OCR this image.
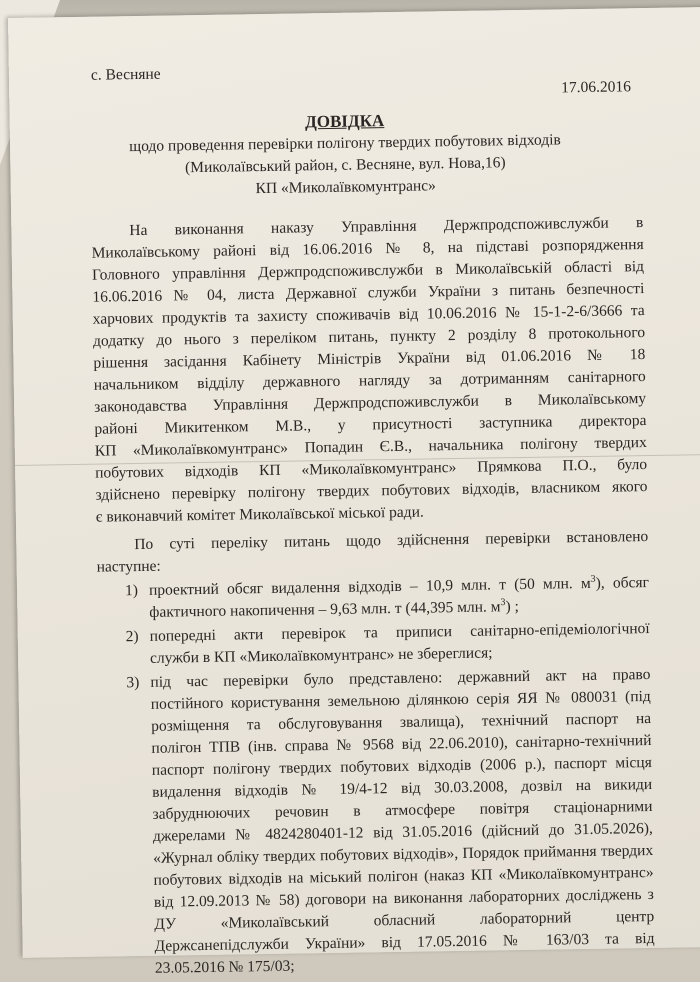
с. Весняне
17.06.2016
ДОВІДКА
щодо проведення перевірки полігону твердих побутових відходів
(Миколаївський район, с. Весняне, вул. Нова,16)
КП «Миколаївкомунтранс»
На виконання наказу Управління Держпродспоживслужби в
Миколаївському районі від 16.06.2016 № 8, на підставі розпорядження
Головного управління Держпродспоживслужби в Миколаївській області від
16.06.2016 № 04, листа Державної служби України з питань безпечності
харчових продуктів та захисту споживачів від 10.06.2016 № 15-1-2-6/3666 та
додатку до нього з переліком питань, пункту 2 розділу 8 протокольного
рішення засідання Кабінету Міністрів України від 01.06.2016 № 18
начальником відділу державного нагляду за дотриманням санітарного
законодавства Управління Держпродспоживслужби в Миколаївському
районі Микитенком М.В., у присутності заступника директора
КП «Миколаївкомунтранс» Попадин Є.В., начальника полігону твердих
побутових відходів КП «Миколаївкомунтранс» Прямкова П.О., було
здійснено перевірку полігону твердих побутових відходів, власником якого
є виконавчий комітет Миколаївської міської ради.
По суті переліку питань щодо здійснення перевірки встановлено
наступне:
1) проектний обсяг видалення відходів – 10,9 млн. т (50 млн. $м^3$), обсяг
фактичного накопичення – 9,63 млн. т (44,395 млн. $м^3$) ;
2) попередні акти перевірок та приписи санітарно-епідеміологічної
служби в КП «Миколаївкомунтранс» не збереглися;
3) під час перевірки було представлено: державний акт на право
постійного користування земельною ділянкою серія ЯЯ № 080031 (під
розміщення та обслуговування звалища), технічний паспорт на
полігон ТПВ (інв. справа № 9568 від 22.06.2010), санітарно-технічний
паспорт полігону твердих побутових відходів (2006 р.), паспорт місця
видалення відходів № 19/4-12 від 30.03.2008, дозвіл на викиди
забруднюючих речовин в атмосфере повітря стаціонарними
джерелами № 4824280401-12 від 31.05.2016 (дійсний до 31.05.2026),
«Журнал обліку твердих побутових відходів», Порядок приймання твердих
побутових відходів на міський полігон (наказ КП «Миколаївкомунтранс»
від 12.09.2013 № 58) договори на виконання лабораторних досліджень з
ДУ «Миколаївський обласний лабораторний центр
Держсанепідслужби України» від 17.05.2016 № 163/03 та від
23.05.2016 № 175/03;
